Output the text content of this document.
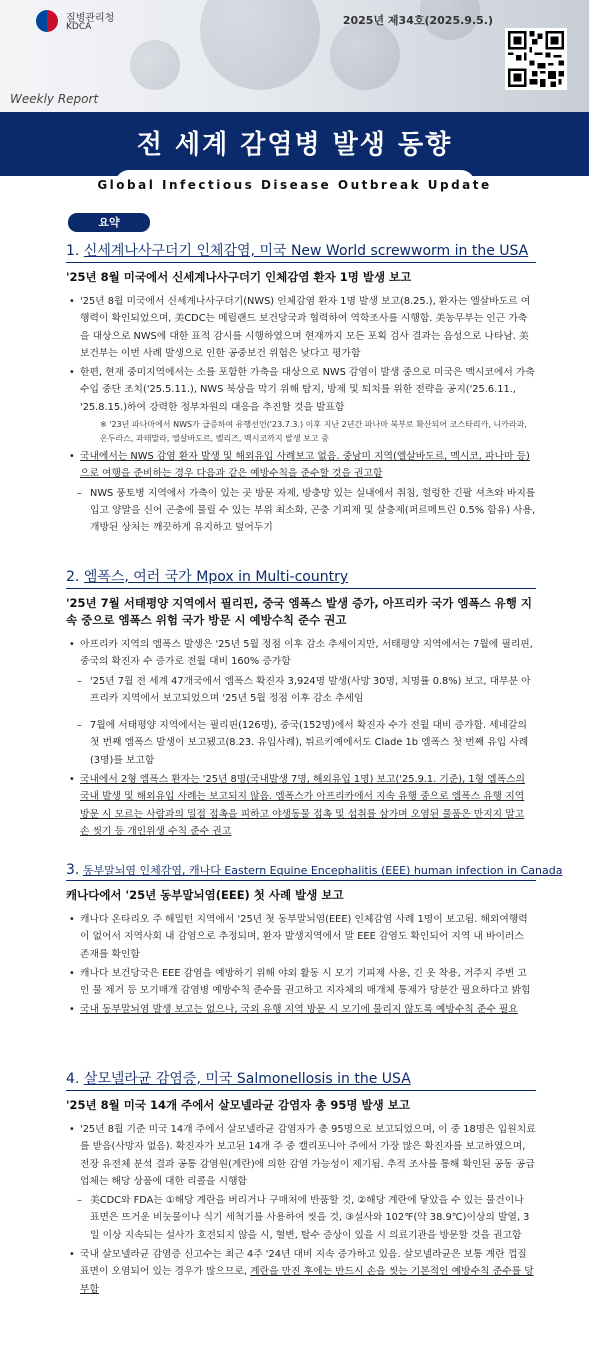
질병관리청
KDCA	2025년 제34호(2025.9.5.)
Weekly Report
전 세계 감염병 발생 동향
Global Infectious Disease Outbreak Update
요약
1. 신세계나사구더기 인체감염, 미국 New World screwworm in the USA
'25년 8월 미국에서 신세계나사구더기 인체감염 환자 1명 발생 보고
• '25년 8월 미국에서 신세계나사구더기(NWS) 인체감염 환자 1명 발생 보고(8.25.), 환자는 엘살바도르 여행력이 확인되었으며, 美CDC는 메릴랜드 보건당국과 협력하여 역학조사를 시행함. 美농무부는 인근 가축을 대상으로 NWS에 대한 표적 감시를 시행하였으며 현재까지 모든 포획 검사 결과는 음성으로 나타남. 美보건부는 이번 사례 발생으로 인한 공중보건 위험은 낮다고 평가함
• 한편, 현재 중미지역에서는 소를 포함한 가축을 대상으로 NWS 감염이 발생 중으로 미국은 멕시코에서 가축 수입 중단 조치('25.5.11.), NWS 북상을 막기 위해 탐지, 방제 및 퇴치를 위한 전략을 공지('25.6.11., '25.8.15.)하여 강력한 정부차원의 대응을 추진할 것을 발표함
※ '23년 파나마에서 NWS가 급증하여 유행선언('23.7.3.) 이후 지난 2년간 파나마 북부로 확산되어 코스타리카, 니카라과, 온두라스, 과테말라, 엘살바도르, 벨리즈, 멕시코까지 발생 보고 중
• 국내에서는 NWS 감염 환자 발생 및 해외유입 사례보고 없음. 중남미 지역(엘살바도르, 멕시코, 파나마 등)으로 여행을 준비하는 경우 다음과 같은 예방수칙을 준수할 것을 권고함
– NWS 풍토병 지역에서 가축이 있는 곳 방문 자제, 방충망 있는 실내에서 취침, 헐렁한 긴팔 셔츠와 바지를 입고 양말을 신어 곤충에 물릴 수 있는 부위 최소화, 곤충 기피제 및 살충제(퍼르메트린 0.5% 함유) 사용, 개방된 상처는 깨끗하게 유지하고 덮어두기
2. 엠폭스, 여러 국가 Mpox in Multi-country
'25년 7월 서태평양 지역에서 필리핀, 중국 엠폭스 발생 증가, 아프리카 국가 엠폭스 유행 지속 중으로 엠폭스 위험 국가 방문 시 예방수칙 준수 권고
• 아프리카 지역의 엠폭스 발생은 '25년 5월 정점 이후 감소 추세이지만, 서태평양 지역에서는 7월에 필리핀, 중국의 확진자 수 증가로 전월 대비 160% 증가함
– '25년 7월 전 세계 47개국에서 엠폭스 확진자 3,924명 발생(사망 30명, 치명률 0.8%) 보고, 대부분 아프리카 지역에서 보고되었으며 '25년 5월 정점 이후 감소 추세임
– 7월에 서태평양 지역에서는 필리핀(126명), 중국(152명)에서 확진자 수가 전월 대비 증가함. 세네갈의 첫 번째 엠폭스 발생이 보고됐고(8.23. 유입사례), 튀르키예에서도 Clade 1b 엠폭스 첫 번째 유입 사례(3명)를 보고함
• 국내에서 2형 엠폭스 환자는 '25년 8명(국내발생 7명, 해외유입 1명) 보고('25.9.1. 기준), 1형 엠폭스의 국내 발생 및 해외유입 사례는 보고되지 않음. 엠폭스가 아프리카에서 지속 유행 중으로 엠폭스 유행 지역 방문 시 모르는 사람과의 밀접 접촉을 피하고 야생동물 접촉 및 섭취를 삼가며 오염된 물품은 만지지 말고 손 씻기 등 개인위생 수칙 준수 권고
3. 동부말뇌염 인체감염, 캐나다 Eastern Equine Encephalitis (EEE) human infection in Canada
캐나다에서 '25년 동부말뇌염(EEE) 첫 사례 발생 보고
• 캐나다 온타리오 주 해밀턴 지역에서 '25년 첫 동부말뇌염(EEE) 인체감염 사례 1명이 보고됨. 해외여행력이 없어서 지역사회 내 감염으로 추정되며, 환자 발생지역에서 말 EEE 감염도 확인되어 지역 내 바이러스 존재를 확인함
• 캐나다 보건당국은 EEE 감염을 예방하기 위해 야외 활동 시 모기 기피제 사용, 긴 옷 착용, 거주지 주변 고인 물 제거 등 모기매개 감염병 예방수칙 준수를 권고하고 지자체의 매개체 통제가 당분간 필요하다고 밝힘
• 국내 동부말뇌염 발생 보고는 없으나, 국외 유행 지역 방문 시 모기에 물리지 않도록 예방수칙 준수 필요
4. 살모넬라균 감염증, 미국 Salmonellosis in the USA
'25년 8월 미국 14개 주에서 살모넬라균 감염자 총 95명 발생 보고
• '25년 8월 기준 미국 14개 주에서 살모넬라균 감염자가 총 95명으로 보고되었으며, 이 중 18명은 입원치료를 받음(사망자 없음). 확진자가 보고된 14개 주 중 캘리포니아 주에서 가장 많은 확진자를 보고하였으며, 전장 유전체 분석 결과 공통 감염원(계란)에 의한 감염 가능성이 제기됨. 추적 조사를 통해 확인된 공동 공급업체는 해당 상품에 대한 리콜을 시행함
– 美CDC와 FDA는 ①해당 계란을 버리거나 구매처에 반품할 것, ②해당 계란에 닿았을 수 있는 물건이나 표면은 뜨거운 비눗물이나 식기 세척기를 사용하여 씻을 것, ③설사와 102℉(약 38.9℃)이상의 발열, 3일 이상 지속되는 설사가 호전되지 않을 시, 혈변, 탈수 증상이 있을 시 의료기관을 방문할 것을 권고함
• 국내 살모넬라균 감염증 신고수는 최근 4주 '24년 대비 지속 증가하고 있음. 살모넬라균은 보통 계란 껍질 표면이 오염되어 있는 경우가 많으므로, 계란을 만진 후에는 반드시 손을 씻는 기본적인 예방수칙 준수를 당부함
